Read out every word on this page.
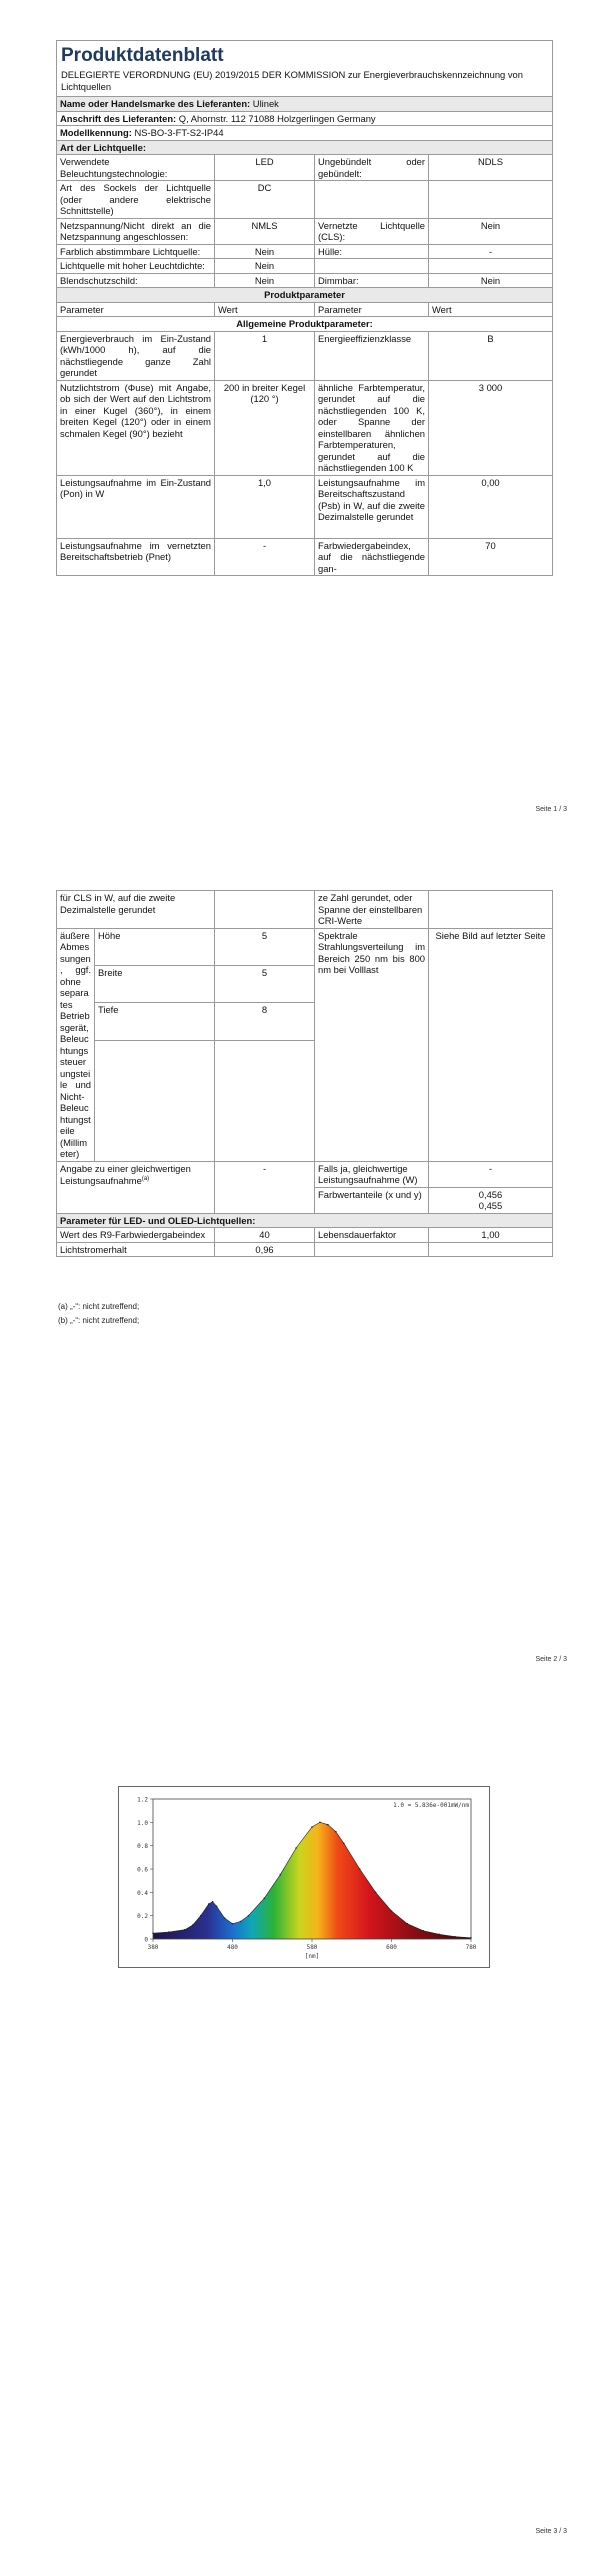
Produktdatenblatt
DELEGIERTE VERORDNUNG (EU) 2019/2015 DER KOMMISSION zur Energieverbrauchskennzeichnung von Lichtquellen			

Name oder Handelsmarke des Lieferanten: Ulinek			
Anschrift des Lieferanten: Q, Ahornstr. 112 71088 Holzgerlingen Germany			
Modellkennung: NS-BO-3-FT-S2-IP44			
Art der Lichtquelle:			
Verwendete Beleuchtungstechnologie:	LED	Ungebündelt oder gebündelt:	NDLS
Art des Sockels der Lichtquelle (oder andere elektrische Schnittstelle)	DC		
Netzspannung/Nicht direkt an die Netzspannung angeschlossen:	NMLS	Vernetzte Lichtquelle (CLS):	Nein
Farblich abstimmbare Lichtquelle:	Nein	Hülle:	-
Lichtquelle mit hoher Leuchtdichte:	Nein		
Blendschutzschild:	Nein	Dimmbar:	Nein
Produktparameter			
Parameter	Wert	Parameter	Wert
Allgemeine Produktparameter:			
Energieverbrauch im Ein-Zustand (kWh/1000 h), auf die nächstliegende ganze Zahl gerundet	1	Energieeffizienzklasse	B
Nutzlichtstrom (Φuse) mit Angabe, ob sich der Wert auf den Lichtstrom in einer Kugel (360°), in einem breiten Kegel (120°) oder in einem schmalen Kegel (90°) bezieht	200 in breiter Kegel (120 °)	ähnliche Farbtemperatur, gerundet auf die nächstliegenden 100 K, oder Spanne der einstellbaren ähnlichen Farbtemperaturen, gerundet auf die nächstliegenden 100 K	3 000
Leistungsaufnahme im Ein-Zustand (Pon) in W	1,0	Leistungsaufnahme im Bereitschaftszustand (Psb) in W, auf die zweite Dezimalstelle gerundet	0,00
Leistungsaufnahme im vernetzten Bereitschaftsbetrieb (Pnet)	-	Farbwiedergabeindex, auf die nächstliegende gan-	70
Seite 1 / 3
für CLS in W, auf die zweite Dezimalstelle gerundet			ze Zahl gerundet, oder Spanne der einstellbaren CRI-Werte	
äußere Abmessungen, ggf. ohne separates Betriebsgerät, Beleuchtungssteuerungsteile und Nicht-Beleuchtungsteile (Millimeter)	Höhe	5	Spektrale Strahlungsverteilung im Bereich 250 nm bis 800 nm bei Volllast	Siehe Bild auf letzter Seite
	Breite	5		
	Tiefe	8		

Angabe zu einer gleichwertigen Leistungsaufnahme$^{(a)}$		-	Falls ja, gleichwertige Leistungsaufnahme (W)	-
			Farbwertanteile (x und y)	0,456
0,455

Parameter für LED- und OLED-Lichtquellen:				
Wert des R9-Farbwiedergabeindex		40	Lebensdauerfaktor	1,00
Lichtstromerhalt		0,96		
(a) „-“: nicht zutreffend;
(b) „-“: nicht zutreffend;
Seite 2 / 3
Seite 3 / 3
0
0.2
0.4
0.6
0.8
1.0
1.2
380	480	580	680	780
[nm]
1.0 = 5.836e-001mW/nm
